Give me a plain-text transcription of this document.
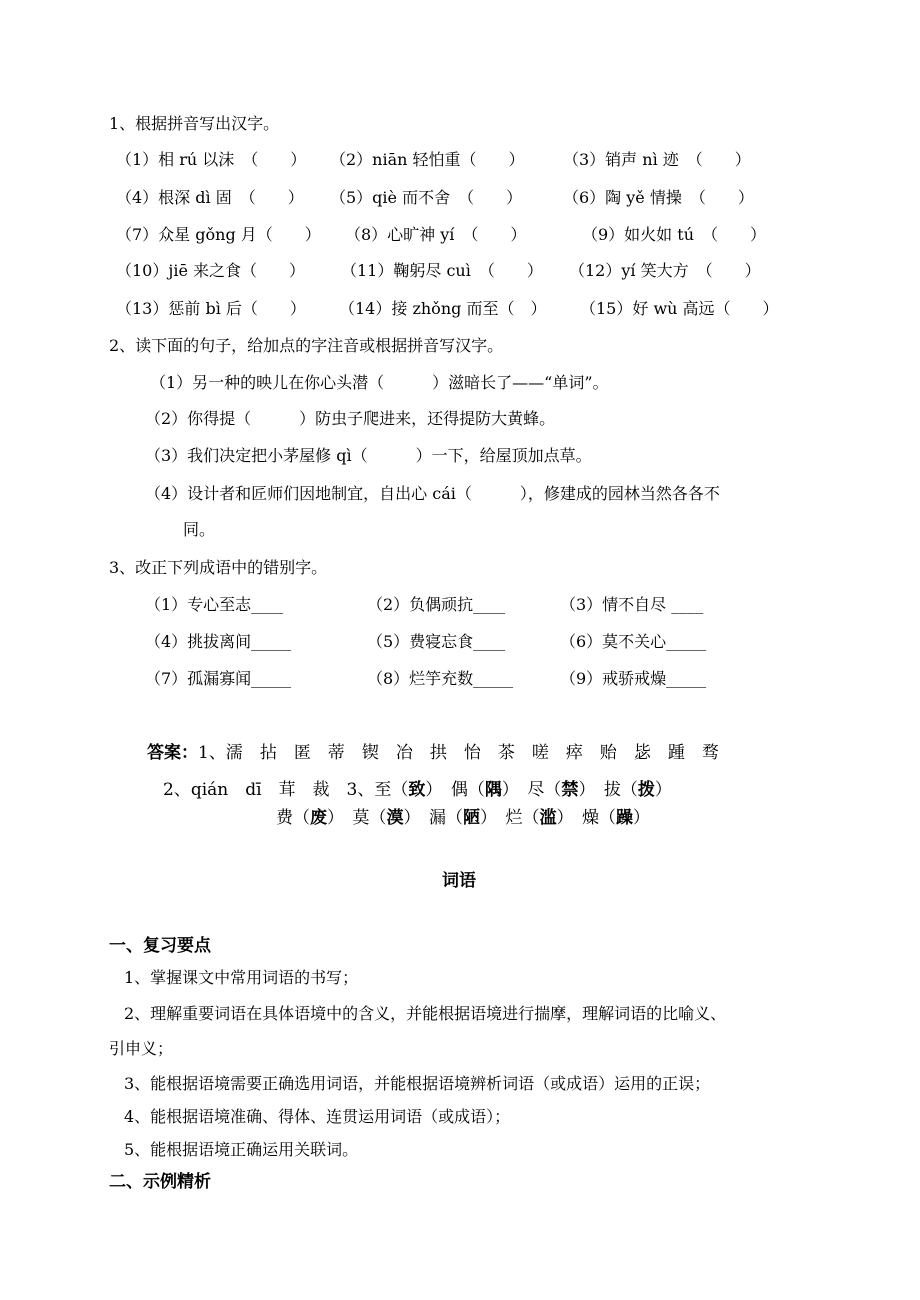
1、根据拼音写出汉字。
（1）相 rú 以沫　（　　） （2）niān 轻怕重（　　） （3）销声 nì 迹　（　　）
（4）根深 dì 固　（　　） （5）qiè 而不舍　（　　）	（6）陶 yě 情操　（　　）
（7）众星 gǒng 月（　　） （8）心旷神 yí　（　　）	（9）如火如 tú　（　　）
（10）jiē 来之食（　　） （11）鞠躬尽 cuì　（　　） （12）yí 笑大方　（　　）
（13）惩前 bì 后（　　） （14）接 zhǒng 而至（　） （15）好 wù 高远（　　）
2、读下面的句子，给加点的字注音或根据拼音写汉字。
（1）另一种的映儿在你心头潜（　　　）滋暗长了——“单词”。
（2）你得提（　　　）防虫子爬进来，还得提防大黄蜂。
（3）我们决定把小茅屋修 qì（　　　）一下，给屋顶加点草。
（4）设计者和匠师们因地制宜，自出心 cái（　　　），修建成的园林当然各各不
同。
3、改正下列成语中的错别字。
（1）专心至志____	（2）负偶顽抗____	（3）情不自尽 ____
（4）挑拔离间_____	（5）费寝忘食____	（6）莫不关心_____
（7）孤漏寡闻_____	（8）烂竽充数_____	（9）戒骄戒燥_____
答案：1、濡　拈　匿　蒂　锲　冶　拱　怡　茶　嗟　瘁　贻　毖　踵　骛
2、qián　dī　茸　裁　3、至（致）　偶（隅）　尽（禁）　拔（拨）
费（废）　莫（漠）　漏（陋）　烂（滥）　燥（躁）
词语
一、复习要点
1、掌握课文中常用词语的书写；
2、理解重要词语在具体语境中的含义，并能根据语境进行揣摩，理解词语的比喻义、
引申义；
3、能根据语境需要正确选用词语，并能根据语境辨析词语（或成语）运用的正误；
4、能根据语境准确、得体、连贯运用词语（或成语）；
5、能根据语境正确运用关联词。
二、示例精析
